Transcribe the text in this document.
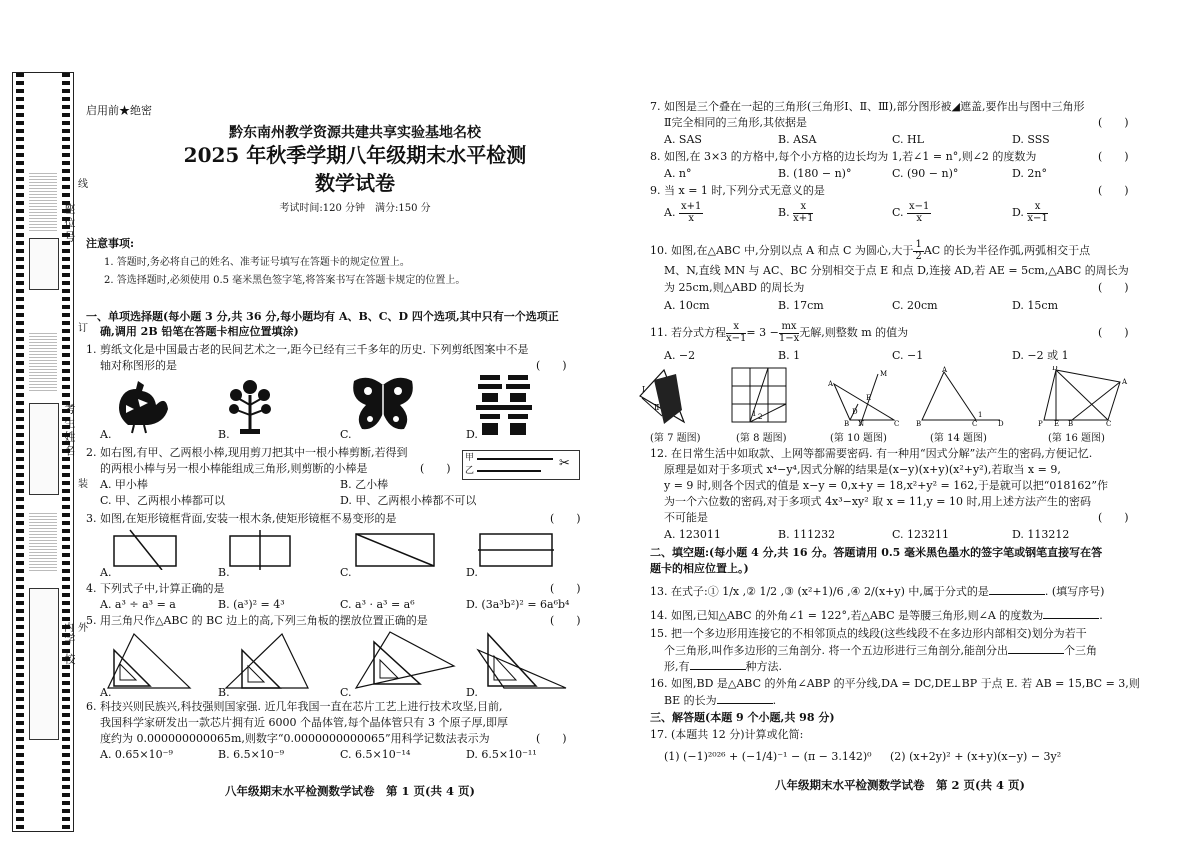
座位号
考生姓名
学 校
线
订
装
外
内
启用前★绝密
黔东南州教学资源共建共享实验基地名校
2025 年秋季学期八年级期末水平检测
数学试卷
考试时间:120 分钟　满分:150 分
注意事项:
1. 答题时,务必将自己的姓名、准考证号填写在答题卡的规定位置上。
2. 答选择题时,必须使用 0.5 毫米黑色签字笔,将答案书写在答题卡规定的位置上。
一、单项选择题(每小题 3 分,共 36 分,每小题均有 A、B、C、D 四个选项,其中只有一个选项正
确,调用 2B 铅笔在答题卡相应位置填涂)
1. 剪纸文化是中国最古老的民间艺术之一,距今已经有三千多年的历史. 下列剪纸图案中不是
轴对称图形的是	(　　)
A.	B.	C.	D.
2. 如右图,有甲、乙两根小棒,现用剪刀把其中一根小棒剪断,若得到
的两根小棒与另一根小棒能组成三角形,则剪断的小棒是	(　　)
甲
乙	✂
A. 甲小棒	B. 乙小棒
C. 甲、乙两根小棒都可以	D. 甲、乙两根小棒都不可以
3. 如图,在矩形镜框背面,安装一根木条,使矩形镜框不易变形的是	(　　)
A.	B.	C.	D.
4. 下列式子中,计算正确的是	(　　)
A. a³ ÷ a³ = a	B. (a³)² = 4³	C. a³ · a³ = a⁶	D. (3a³b²)² = 6a⁶b⁴
5. 用三角尺作△ABC 的 BC 边上的高,下列三角板的摆放位置正确的是	(　　)
A.	B.	C.	D.
6. 科技兴则民族兴,科技强则国家强. 近几年我国一直在芯片工艺上进行技术攻坚,目前,
我国科学家研发出一款芯片拥有近 6000 个晶体管,每个晶体管只有 3 个原子厚,即厚
度约为 0.000000000065m,则数字“0.0000000000065”用科学记数法表示为	(　　)
A. 0.65×10⁻⁹	B. 6.5×10⁻⁹	C. 6.5×10⁻¹⁴	D. 6.5×10⁻¹¹
八年级期末水平检测数学试卷　第 1 页(共 4 页)
7. 如图是三个叠在一起的三角形(三角形Ⅰ、Ⅱ、Ⅲ),部分图形被◢遮盖,要作出与图中三角形
Ⅱ完全相同的三角形,其依据是	(　　)
A. SAS	B. ASA	C. HL	D. SSS
8. 如图,在 3×3 的方格中,每个小方格的边长均为 1,若∠1 = n°,则∠2 的度数为	(　　)
A. n°	B. (180 − n)°	C. (90 − n)°	D. 2n°
9. 当 x = 1 时,下列分式无意义的是	(　　)
A. $\frac{x+1}{x}$	B. $\frac{x}{x+1}$	C. $\frac{x-1}{x}$	D. $\frac{x}{x-1}$
10. 如图,在△ABC 中,分别以点 A 和点 C 为圆心,大于 $\frac{1}{2}$ AC 的长为半径作弧,两弧相交于点
M、N,直线 MN 与 AC、BC 分别相交于点 E 和点 D,连接 AD,若 AE = 5cm,△ABC 的周长为
为 25cm,则△ABD 的周长为	(　　)
A. 10cm	B. 17cm	C. 20cm	D. 15cm
11. 若分式方程 $\frac{x}{x-1} = 3 - \frac{mx}{1-x}$ 无解,则整数 m 的值为	(　　)
A. −2	B. 1	C. −1	D. −2 或 1
Ⅰ
Ⅱ
1 2
A
B	C
M
N
D
E
A
B	C	D
1
D
A
P E B	C
(第 7 题图)	(第 8 题图)	(第 10 题图)	(第 14 题图)	(第 16 题图)
12. 在日常生活中如取款、上网等都需要密码. 有一种用“因式分解”法产生的密码,方便记忆.
原理是如对于多项式 x⁴−y⁴,因式分解的结果是(x−y)(x+y)(x²+y²),若取当 x = 9,
y = 9 时,则各个因式的值是 x−y = 0,x+y = 18,x²+y² = 162,于是就可以把“018162”作
为一个六位数的密码,对于多项式 4x³−xy² 取 x = 11,y = 10 时,用上述方法产生的密码
不可能是	(　　)
A. 123011	B. 111232	C. 123211	D. 113212
二、填空题:(每小题 4 分,共 16 分。答题请用 0.5 毫米黑色墨水的签字笔或钢笔直接写在答
题卡的相应位置上。)
13. 在式子:① 1/x ,② 1/2 ,③ (x²+1)/6 ,④ 2/(x+y) 中,属于分式的是	. (填写序号)
14. 如图,已知△ABC 的外角∠1 = 122°,若△ABC 是等腰三角形,则∠A 的度数为	.
15. 把一个多边形用连接它的不相邻顶点的线段(这些线段不在多边形内部相交)划分为若干
个三角形,叫作多边形的三角剖分. 将一个五边形进行三角剖分,能剖分出	个三角
形,有	种方法.
16. 如图,BD 是△ABC 的外角∠ABP 的平分线,DA = DC,DE⊥BP 于点 E. 若 AB = 15,BC = 3,则
BE 的长为	.
三、解答题(本题 9 个小题,共 98 分)
17. (本题共 12 分)计算或化简:
(1) (−1)²⁰²⁶ + (−1/4)⁻¹ − (π − 3.142)⁰ (2) (x+2y)² + (x+y)(x−y) − 3y²
八年级期末水平检测数学试卷　第 2 页(共 4 页)
